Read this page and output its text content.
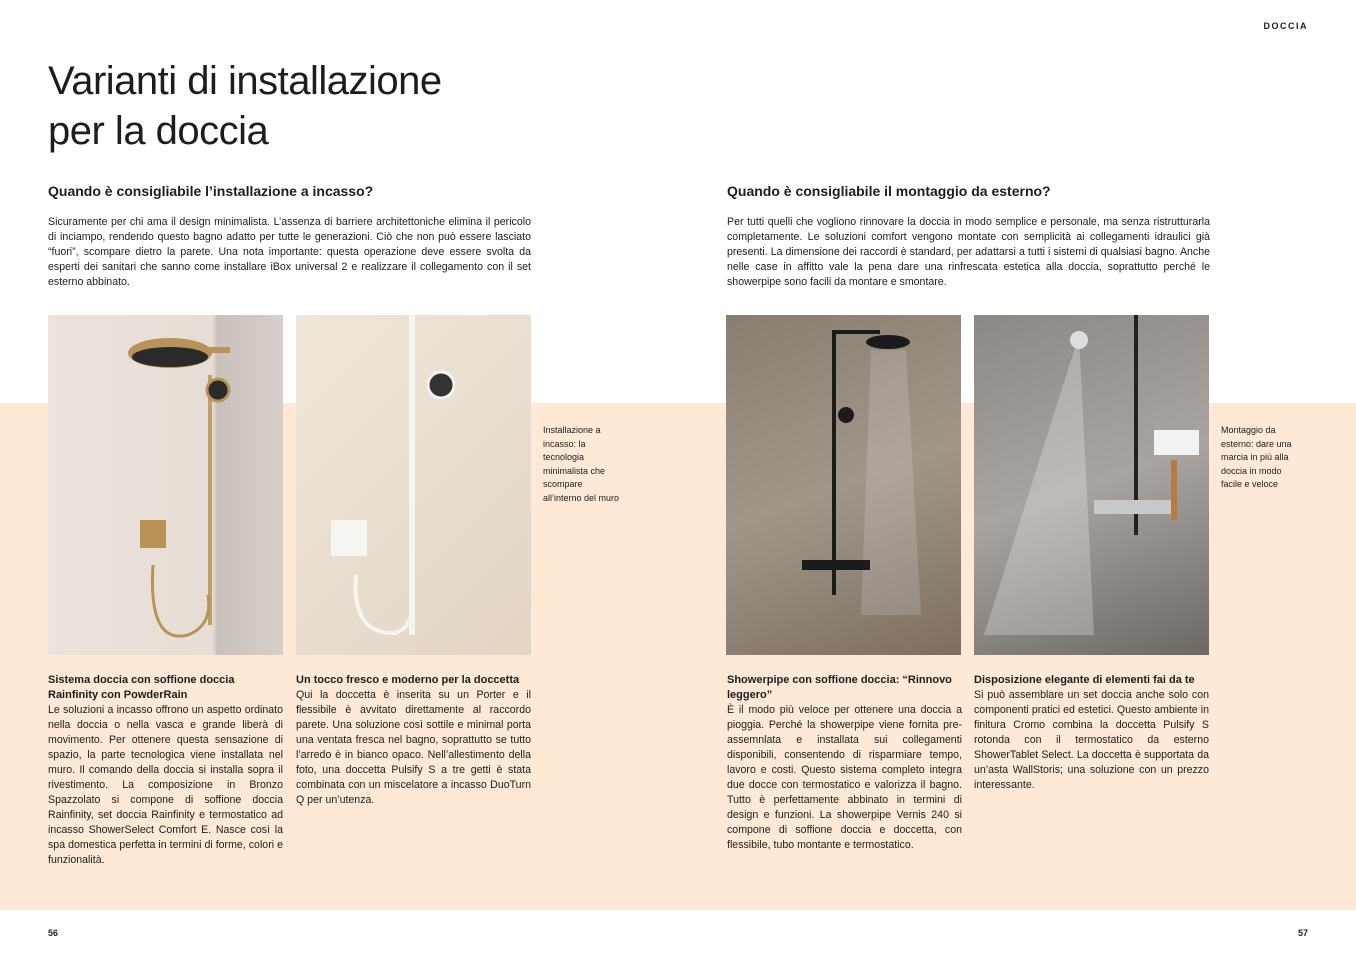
DOCCIA
Varianti di installazione
per la doccia
Quando è consigliabile l’installazione a incasso?

Sicuramente per chi ama il design minimalista. L’assenza di barriere architettoniche elimina il pericolo di inciampo, rendendo questo bagno adatto per tutte le generazioni. Ciò che non può essere lasciato “fuori”, scompare dietro la parete. Una nota importante: questa operazione deve essere svolta da esperti dei sanitari che sanno come installare iBox universal 2 e realizzare il collegamento con il set esterno abbinato.

Quando è consigliabile il montaggio da esterno?

Per tutti quelli che vogliono rinnovare la doccia in modo semplice e personale, ma senza ristrutturarla completamente. Le soluzioni comfort vengono montate con semplicità ai collegamenti idraulici già presenti. La dimensione dei raccordi è standard, per adattarsi a tutti i sistemi di qualsiasi bagno. Anche nelle case in affitto vale la pena dare una rinfrescata estetica alla doccia, soprattutto perché le showerpipe sono facili da montare e smontare.

Installazione a incasso: la tecnologia minimalista che scompare all’interno del muro

Montaggio da esterno: dare una marcia in più alla doccia in modo facile e veloce

Sistema doccia con soffione doccia Rainfinity con PowderRain

Le soluzioni a incasso offrono un aspetto ordinato nella doccia o nella vasca e grande liberà di movimento. Per ottenere questa sensazione di spazio, la parte tecnologica viene installata nel muro. Il comando della doccia si installa sopra il rivestimento. La composizione in Bronzo Spazzolato si compone di soffione doccia Rainfinity, set doccia Rainfinity e termostatico ad incasso ShowerSelect Comfort E. Nasce così la spa domestica perfetta in termini di forme, colori e funzionalità.

Un tocco fresco e moderno per la doccetta

Qui la doccetta è inserita su un Porter e il flessibile è avvitato direttamente al raccordo parete. Una soluzione così sottile e minimal porta una ventata fresca nel bagno, soprattutto se tutto l’arredo è in bianco opaco. Nell’allestimento della foto, una doccetta Pulsify S a tre getti è stata combinata con un miscelatore a incasso DuoTurn Q per un’utenza.

Showerpipe con soffione doccia: “Rinnovo leggero”

È il modo più veloce per ottenere una doccia a pioggia. Perché la showerpipe viene fornita pre-assemnlata e installata sui collegamenti disponibili, consentendo di risparmiare tempo, lavoro e costi. Questo sistema completo integra due docce con termostatico e valorizza il bagno. Tutto è perfettamente abbinato in termini di design e funzioni. La showerpipe Vernis 240 si compone di soffione doccia e doccetta, con flessibile, tubo montante e termostatico.

Disposizione elegante di elementi fai da te

Si può assemblare un set doccia anche solo con componenti pratici ed estetici. Questo ambiente in finitura Cromo combina la doccetta Pulsify S rotonda con il termostatico da esterno ShowerTablet Select. La doccetta è supportata da un’asta WallStoris; una soluzione con un prezzo interessante.

56	57
